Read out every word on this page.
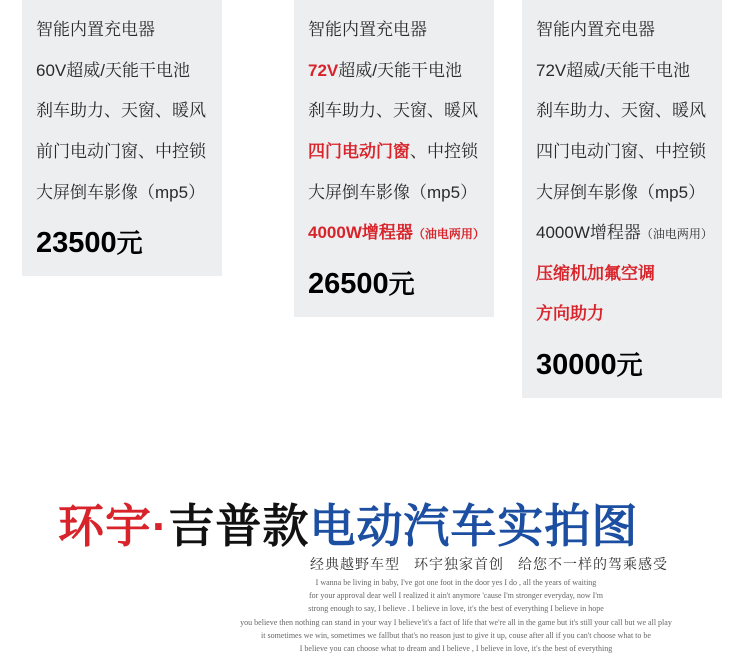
智能内置充电器
60V超威/天能干电池
刹车助力、天窗、暖风
前门电动门窗、中控锁
大屏倒车影像（mp5）
23500元
智能内置充电器
72V超威/天能干电池
刹车助力、天窗、暖风
四门电动门窗、中控锁
大屏倒车影像（mp5）
4000W增程器（油电两用）
26500元
智能内置充电器
72V超威/天能干电池
刹车助力、天窗、暖风
四门电动门窗、中控锁
大屏倒车影像（mp5）
4000W增程器（油电两用）
压缩机加氟空调
方向助力
30000元
环宇·吉普款电动汽车实拍图
经典越野车型 环宇独家首创 给您不一样的驾乘感受
I wanna be living in baby, I've got one foot in the door yes I do , all the years of waiting
for your approval dear well I realized it ain't anymore 'cause I'm stronger everyday, now I'm
strong enough to say, I believe . I believe in love, it's the best of everything I believe in hope
you believe then nothing can stand in your way I believe'it's a fact of life that we're all in the game but it's still your call but we all play
it sometimes we win, sometimes we fallbut that's no reason just to give it up, couse after all if you can't choose what to be
I believe you can choose what to dream and I believe , I believe in love, it's the best of everything
